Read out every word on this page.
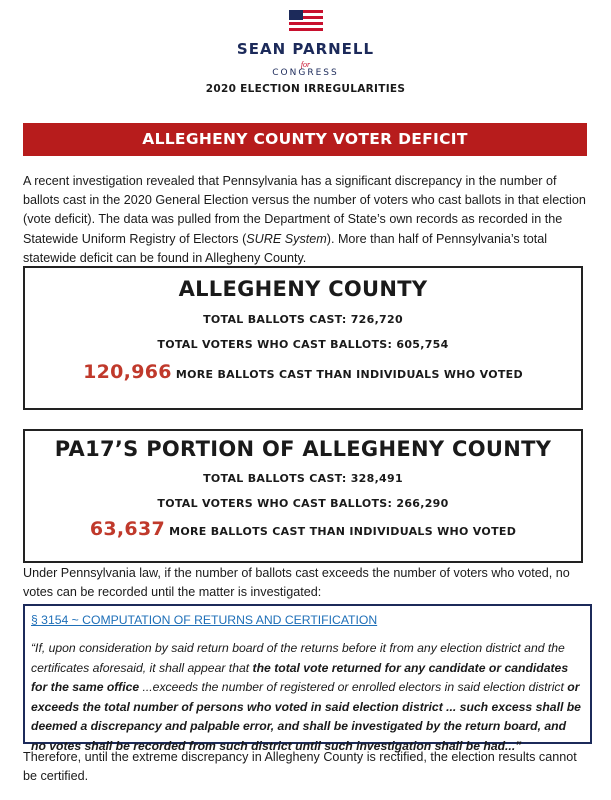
SEAN PARNELL
for
CONGRESS
2020 ELECTION IRREGULARITIES
ALLEGHENY COUNTY VOTER DEFICIT
A recent investigation revealed that Pennsylvania has a significant discrepancy in the number of ballots cast in the 2020 General Election versus the number of voters who cast ballots in that election (vote deficit). The data was pulled from the Department of State’s own records as recorded in the Statewide Uniform Registry of Electors (SURE System). More than half of Pennsylvania’s total statewide deficit can be found in Allegheny County.
ALLEGHENY COUNTY
TOTAL BALLOTS CAST: 726,720
TOTAL VOTERS WHO CAST BALLOTS: 605,754
120,966 MORE BALLOTS CAST THAN INDIVIDUALS WHO VOTED
PA17’S PORTION OF ALLEGHENY COUNTY
TOTAL BALLOTS CAST: 328,491
TOTAL VOTERS WHO CAST BALLOTS: 266,290
63,637 MORE BALLOTS CAST THAN INDIVIDUALS WHO VOTED
Under Pennsylvania law, if the number of ballots cast exceeds the number of voters who voted, no votes can be recorded until the matter is investigated:
§ 3154 ~ COMPUTATION OF RETURNS AND CERTIFICATION
“If, upon consideration by said return board of the returns before it from any election district and the certificates aforesaid, it shall appear that the total vote returned for any candidate or candidates for the same office ...exceeds the number of registered or enrolled electors in said election district or exceeds the total number of persons who voted in said election district ... such excess shall be deemed a discrepancy and palpable error, and shall be investigated by the return board, and no votes shall be recorded from such district until such investigation shall be had...”
Therefore, until the extreme discrepancy in Allegheny County is rectified, the election results cannot be certified.
